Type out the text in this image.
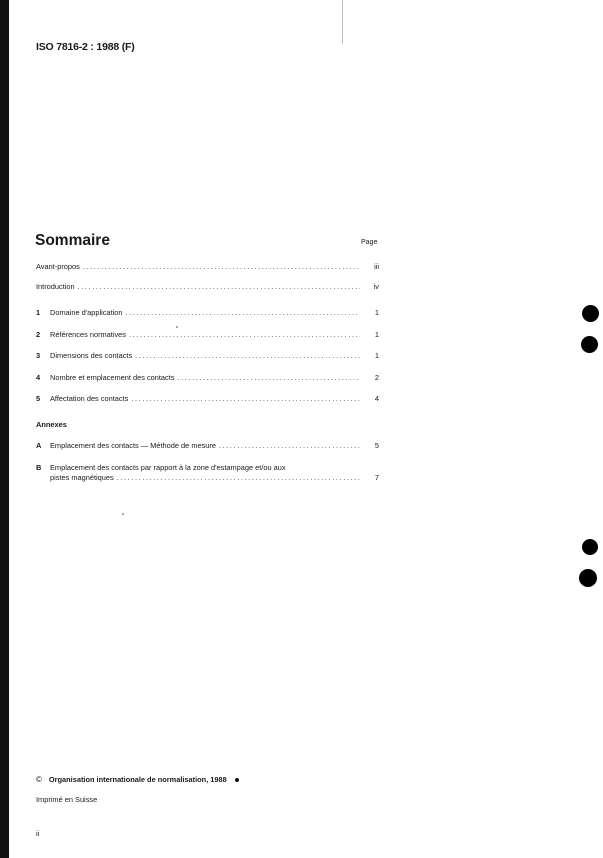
ISO 7816-2 : 1988 (F)
Sommaire	Page
Avant-propos .....	iii
Introduction .....	iv
1	Domaine d'application .....	1
2	Références normatives .....	1
3	Dimensions des contacts .....	1
4	Nombre et emplacement des contacts .....	2
5	Affectation des contacts .....	4
Annexes
A	Emplacement des contacts — Méthode de mesure .....	5
B	Emplacement des contacts par rapport à la zone d'estampage et/ou aux
pistes magnétiques .....	7
© Organisation internationale de normalisation, 1988
Imprimé en Suisse
ii
